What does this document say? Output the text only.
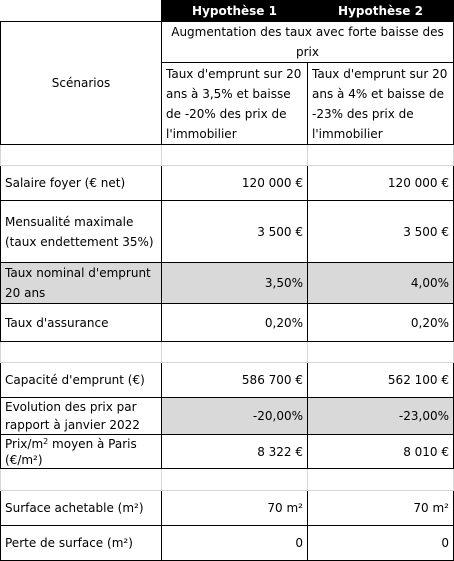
	Hypothèse 1	Hypothèse 2
Scénarios	Augmentation des taux avec forte baisse des prix	
	Taux d'emprunt sur 20 ans à 3,5% et baisse de -20% des prix de l'immobilier	Taux d'emprunt sur 20 ans à 4% et baisse de -23% des prix de l'immobilier

Salaire foyer (€ net)	120 000 €	120 000 €
Mensualité maximale (taux endettement 35%)	3 500 €	3 500 €
Taux nominal d'emprunt 20 ans	3,50%	4,00%
Taux d'assurance	0,20%	0,20%

Capacité d'emprunt (€)	586 700 €	562 100 €
Evolution des prix par rapport à janvier 2022	-20,00%	-23,00%
Prix/$m^2$ moyen à Paris (€/m²)	8 322 €	8 010 €

Surface achetable (m²)	70 m²	70 m²
Perte de surface (m²)	0	0
